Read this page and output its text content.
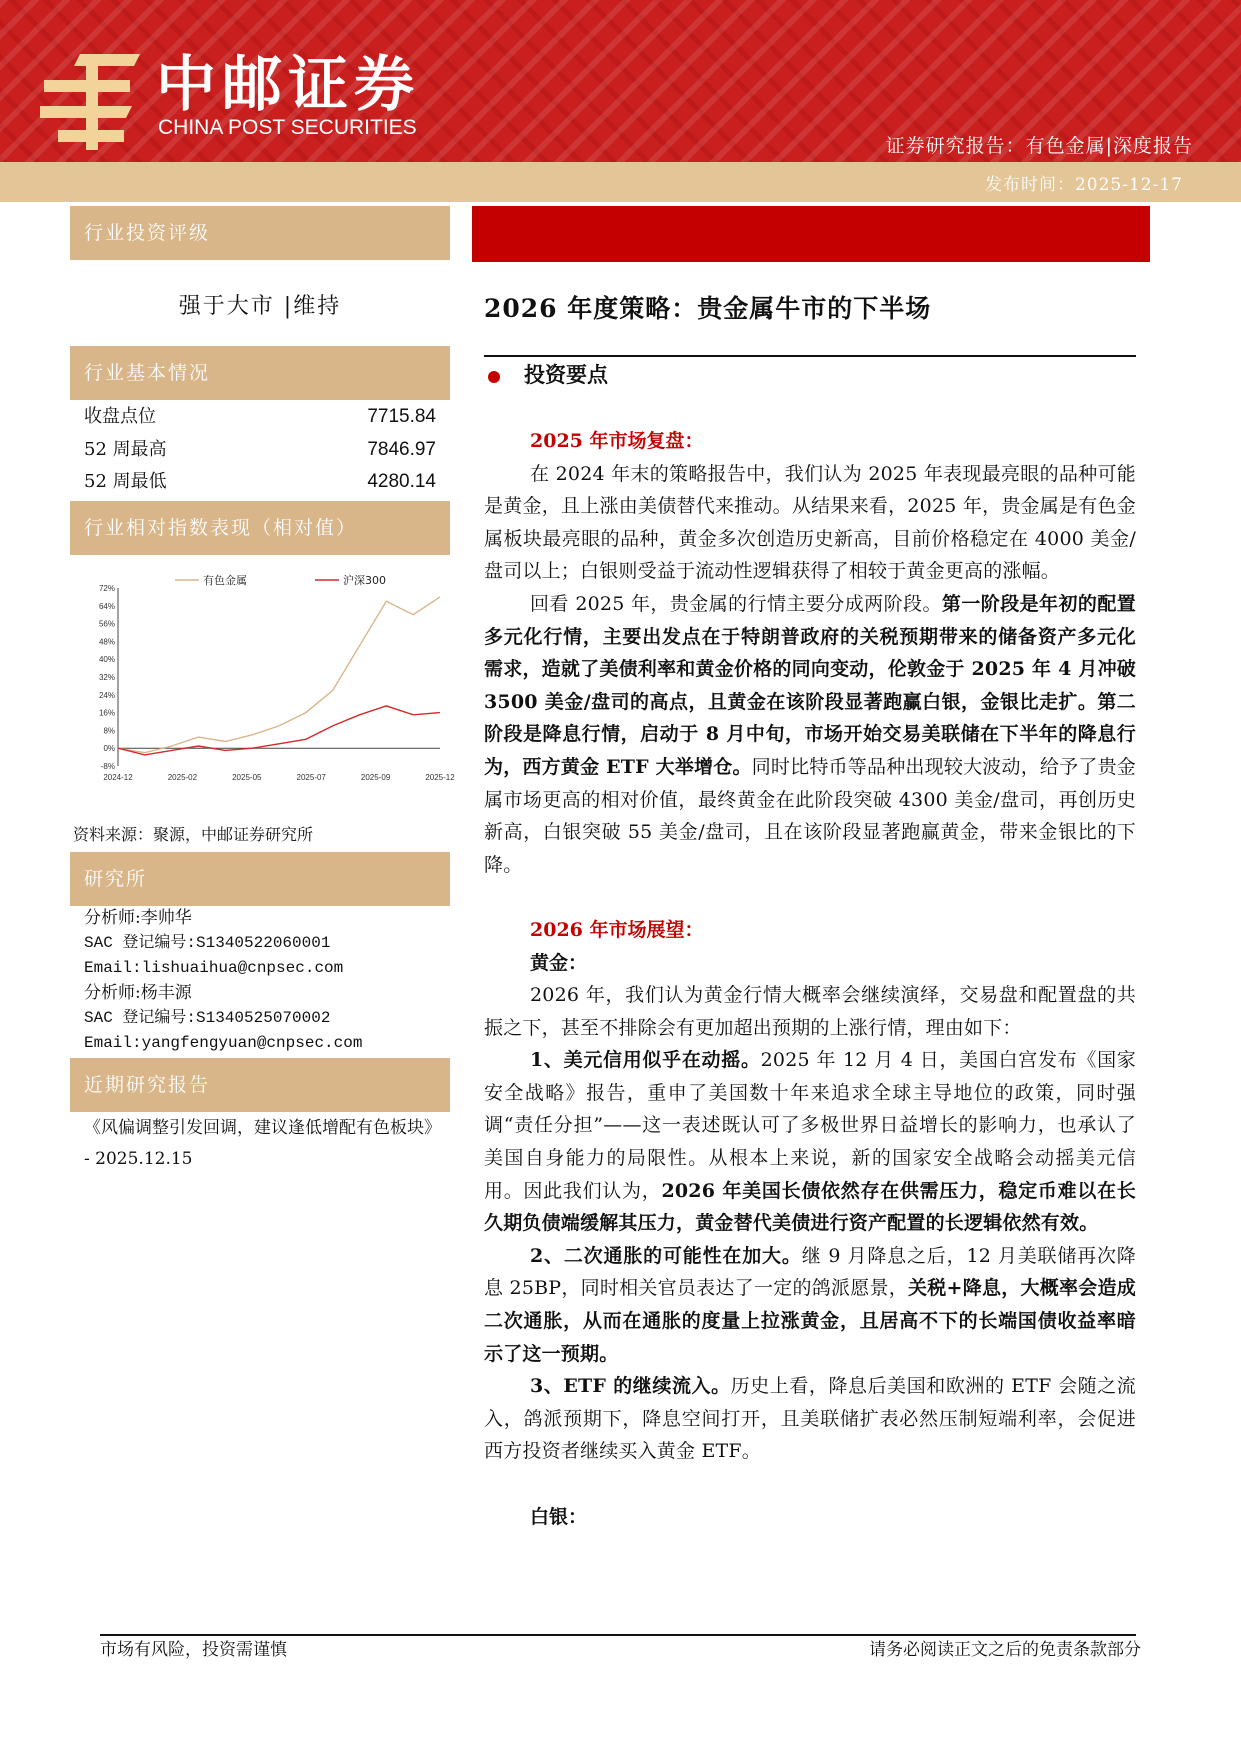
中邮证券
CHINA POST SECURITIES
证券研究报告：有色金属|深度报告
发布时间：2025-12-17
行业投资评级
强于大市 |维持
行业基本情况
收盘点位	7715.84
52 周最高	7846.97
52 周最低	4280.14
行业相对指数表现（相对值）
-8%
0%
8%
16%
24%
32%
40%
48%
56%
64%
72%
2024-12	2025-02	2025-05	2025-07	2025-09	2025-12
有色金属	沪深300
资料来源：聚源，中邮证券研究所
研究所
分析师:李帅华
SAC 登记编号:S1340522060001
Email:lishuaihua@cnpsec.com
分析师:杨丰源
SAC 登记编号:S1340525070002
Email:yangfengyuan@cnpsec.com
近期研究报告
《风偏调整引发回调，建议逢低增配有色板块》 - 2025.12.15
2026 年度策略：贵金属牛市的下半场
投资要点
2025 年市场复盘：
在 2024 年末的策略报告中，我们认为 2025 年表现最亮眼的品种可能是黄金，且上涨由美债替代来推动。从结果来看，2025 年，贵金属是有色金属板块最亮眼的品种，黄金多次创造历史新高，目前价格稳定在 4000 美金/盘司以上；白银则受益于流动性逻辑获得了相较于黄金更高的涨幅。
回看 2025 年，贵金属的行情主要分成两阶段。第一阶段是年初的配置多元化行情，主要出发点在于特朗普政府的关税预期带来的储备资产多元化需求，造就了美债利率和黄金价格的同向变动，伦敦金于 2025 年 4 月冲破 3500 美金/盘司的高点，且黄金在该阶段显著跑赢白银，金银比走扩。第二阶段是降息行情，启动于 8 月中旬，市场开始交易美联储在下半年的降息行为，西方黄金 ETF 大举增仓。同时比特币等品种出现较大波动，给予了贵金属市场更高的相对价值，最终黄金在此阶段突破 4300 美金/盘司，再创历史新高，白银突破 55 美金/盘司，且在该阶段显著跑赢黄金，带来金银比的下降。
2026 年市场展望：
黄金：
2026 年，我们认为黄金行情大概率会继续演绎，交易盘和配置盘的共振之下，甚至不排除会有更加超出预期的上涨行情，理由如下：
1、美元信用似乎在动摇。2025 年 12 月 4 日，美国白宫发布《国家安全战略》报告，重申了美国数十年来追求全球主导地位的政策，同时强调“责任分担”——这一表述既认可了多极世界日益增长的影响力，也承认了美国自身能力的局限性。从根本上来说，新的国家安全战略会动摇美元信用。因此我们认为，2026 年美国长债依然存在供需压力，稳定币难以在长久期负债端缓解其压力，黄金替代美债进行资产配置的长逻辑依然有效。
2、二次通胀的可能性在加大。继 9 月降息之后，12 月美联储再次降息 25BP，同时相关官员表达了一定的鸽派愿景，关税+降息，大概率会造成二次通胀，从而在通胀的度量上拉涨黄金，且居高不下的长端国债收益率暗示了这一预期。
3、ETF 的继续流入。历史上看，降息后美国和欧洲的 ETF 会随之流入，鸽派预期下，降息空间打开，且美联储扩表必然压制短端利率，会促进西方投资者继续买入黄金 ETF。
白银：
市场有风险，投资需谨慎	请务必阅读正文之后的免责条款部分
